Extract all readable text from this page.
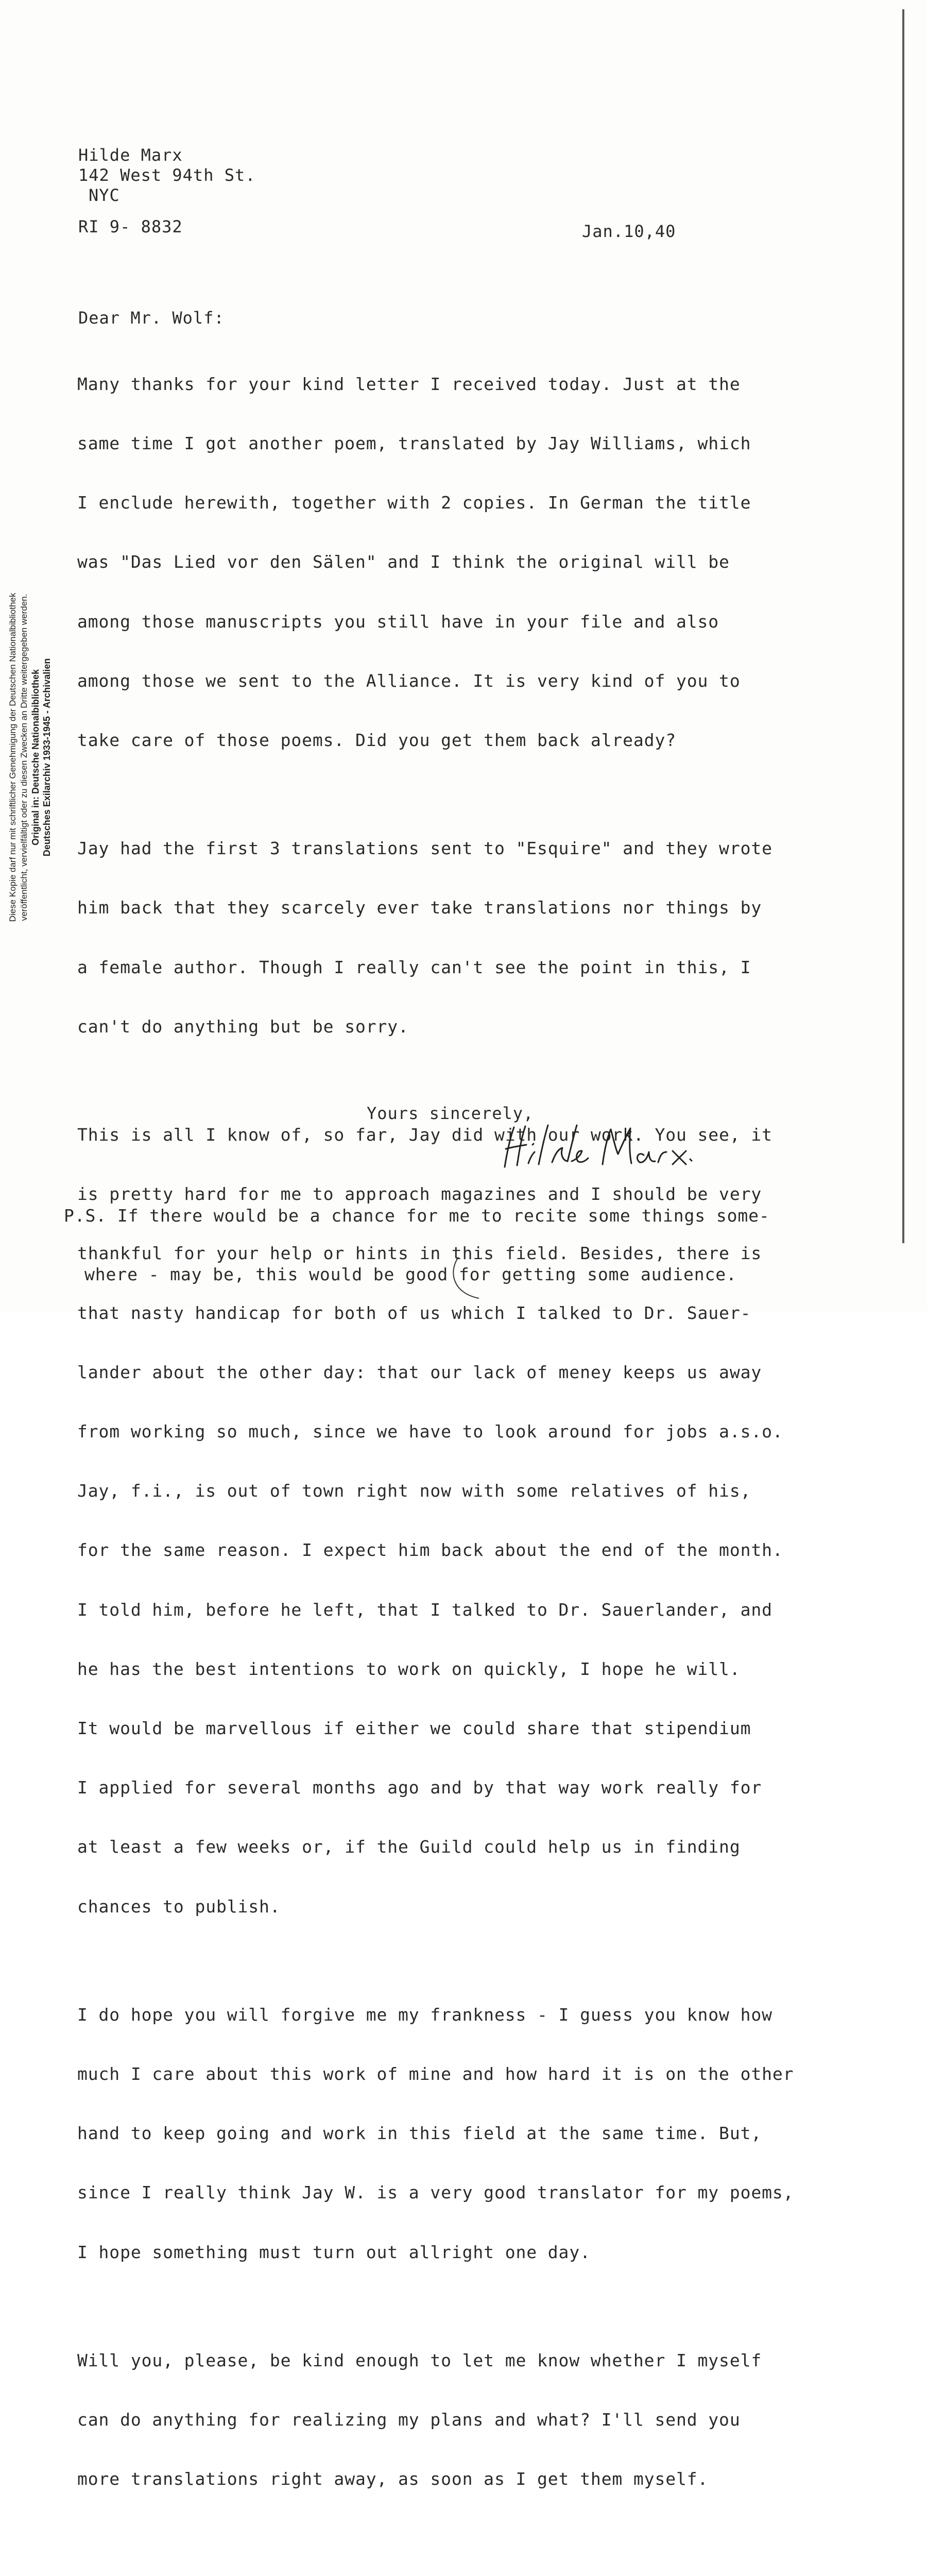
Diese Kopie darf nur mit schriftlicher Genehmigung der Deutschen Nationalbibliothek veröffentlicht, vervielfältigt oder zu diesen Zwecken an Dritte weitergegeben werden. Original in: Deutsche Nationalbibliothek Deutsches Exilarchiv 1933-1945 - Archivalien
Hilde Marx
142 West 94th St.
NYC
RI 9- 8832	Jan.10,40
Dear Mr. Wolf:

Many thanks for your kind letter I received today. Just at the

same time I got another poem, translated by Jay Williams, which

I enclude herewith, together with 2 copies. In German the title

was "Das Lied vor den Sälen" and I think the original will be

among those manuscripts you still have in your file and also

among those we sent to the Alliance. It is very kind of you to

take care of those poems. Did you get them back already?

Jay had the first 3 translations sent to "Esquire" and they wrote

him back that they scarcely ever take translations nor things by

a female author. Though I really can't see the point in this, I

can't do anything but be sorry.

This is all I know of, so far, Jay did with our work. You see, it

is pretty hard for me to approach magazines and I should be very

thankful for your help or hints in this field. Besides, there is

that nasty handicap for both of us which I talked to Dr. Sauer-

lander about the other day: that our lack of meney keeps us away

from working so much, since we have to look around for jobs a.s.o.

Jay, f.i., is out of town right now with some relatives of his,

for the same reason. I expect him back about the end of the month.

I told him, before he left, that I talked to Dr. Sauerlander, and

he has the best intentions to work on quickly, I hope he will.

It would be marvellous if either we could share that stipendium

I applied for several months ago and by that way work really for

at least a few weeks or, if the Guild could help us in finding

chances to publish.

I do hope you will forgive me my frankness - I guess you know how

much I care about this work of mine and how hard it is on the other

hand to keep going and work in this field at the same time. But,

since I really think Jay W. is a very good translator for my poems,

I hope something must turn out allright one day.

Will you, please, be kind enough to let me know whether I myself

can do anything for realizing my plans and what? I'll send you

more translations right away, as soon as I get them myself.

Yours sincerely,

P.S. If there would be a chance for me to recite some things some-

where - may be, this would be good for getting some audience.
